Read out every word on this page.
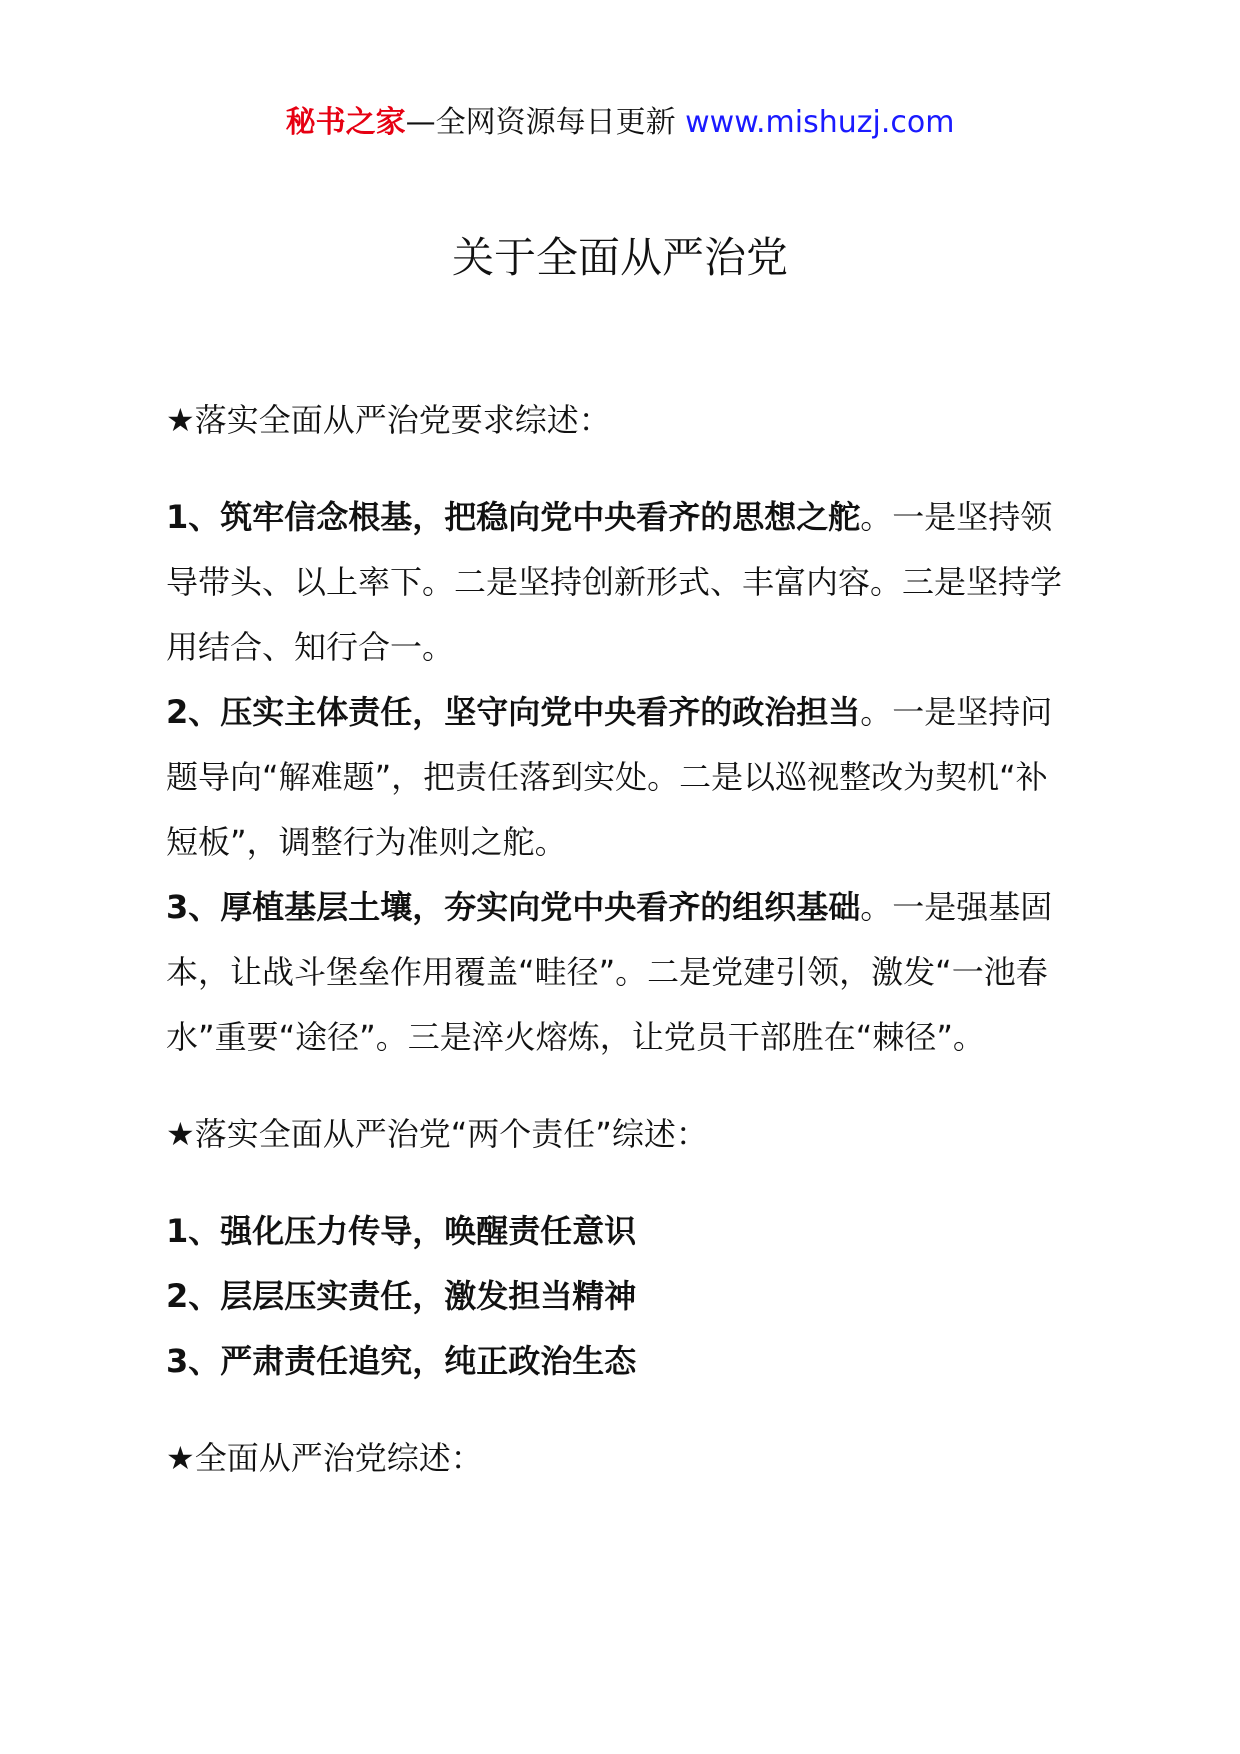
秘书之家—全网资源每日更新 www.mishuzj.com
关于全面从严治党

★落实全面从严治党要求综述：

1、筑牢信念根基，把稳向党中央看齐的思想之舵。一是坚持领导带头、以上率下。二是坚持创新形式、丰富内容。三是坚持学用结合、知行合一。

2、压实主体责任，坚守向党中央看齐的政治担当。一是坚持问题导向“解难题”，把责任落到实处。二是以巡视整改为契机“补短板”，调整行为准则之舵。

3、厚植基层土壤，夯实向党中央看齐的组织基础。一是强基固本，让战斗堡垒作用覆盖“畦径”。二是党建引领，激发“一池春水”重要“途径”。三是淬火熔炼，让党员干部胜在“棘径”。

★落实全面从严治党“两个责任”综述：

1、强化压力传导，唤醒责任意识

2、层层压实责任，激发担当精神

3、严肃责任追究，纯正政治生态

★全面从严治党综述：
